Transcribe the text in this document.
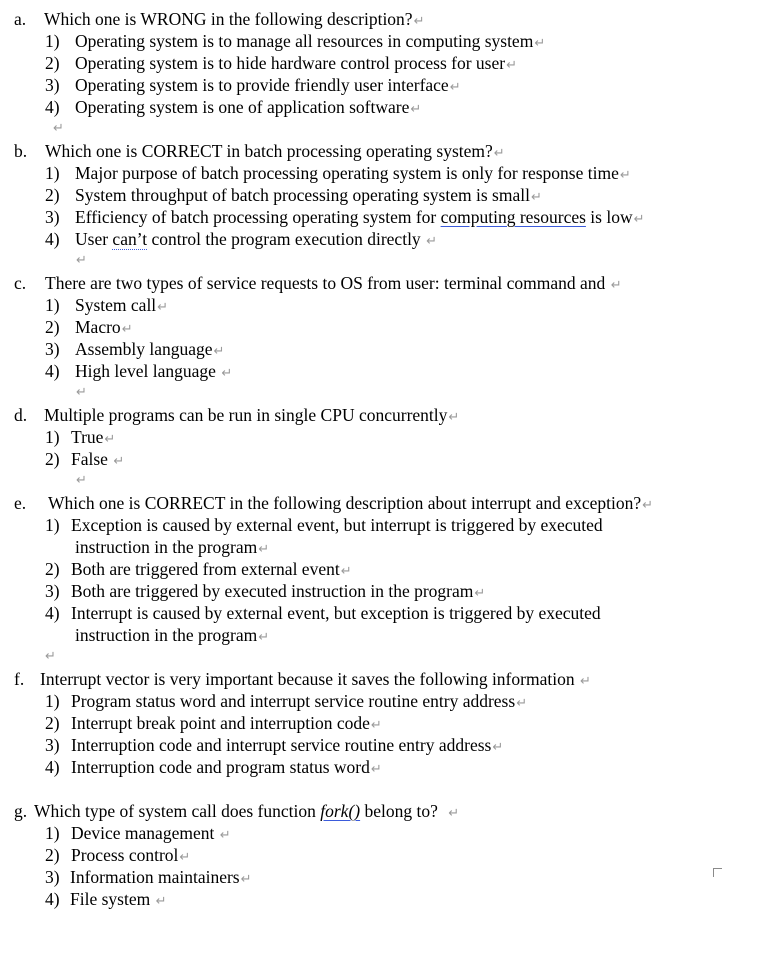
a. Which one is WRONG in the following description?↵
1) Operating system is to manage all resources in computing system↵
2) Operating system is to hide hardware control process for user↵
3) Operating system is to provide friendly user interface↵
4) Operating system is one of application software↵
↵
b. Which one is CORRECT in batch processing operating system?↵
1) Major purpose of batch processing operating system is only for response time↵
2) System throughput of batch processing operating system is small↵
3) Efficiency of batch processing operating system for computing resources is low↵
4) User can’t control the program execution directly ↵
↵
c. There are two types of service requests to OS from user: terminal command and ↵
1) System call↵
2) Macro↵
3) Assembly language↵
4) High level language ↵
↵
d. Multiple programs can be run in single CPU concurrently↵
1) True↵
2) False ↵
↵
e. Which one is CORRECT in the following description about interrupt and exception?↵
1) Exception is caused by external event, but interrupt is triggered by executed
instruction in the program↵
2) Both are triggered from external event↵
3) Both are triggered by executed instruction in the program↵
4) Interrupt is caused by external event, but exception is triggered by executed
instruction in the program↵
↵
f. Interrupt vector is very important because it saves the following information ↵
1) Program status word and interrupt service routine entry address↵
2) Interrupt break point and interruption code↵
3) Interruption code and interrupt service routine entry address↵
4) Interruption code and program status word↵
g. Which type of system call does function fork() belong to? ↵
1) Device management ↵
2) Process control↵
3) Information maintainers↵
4) File system ↵
